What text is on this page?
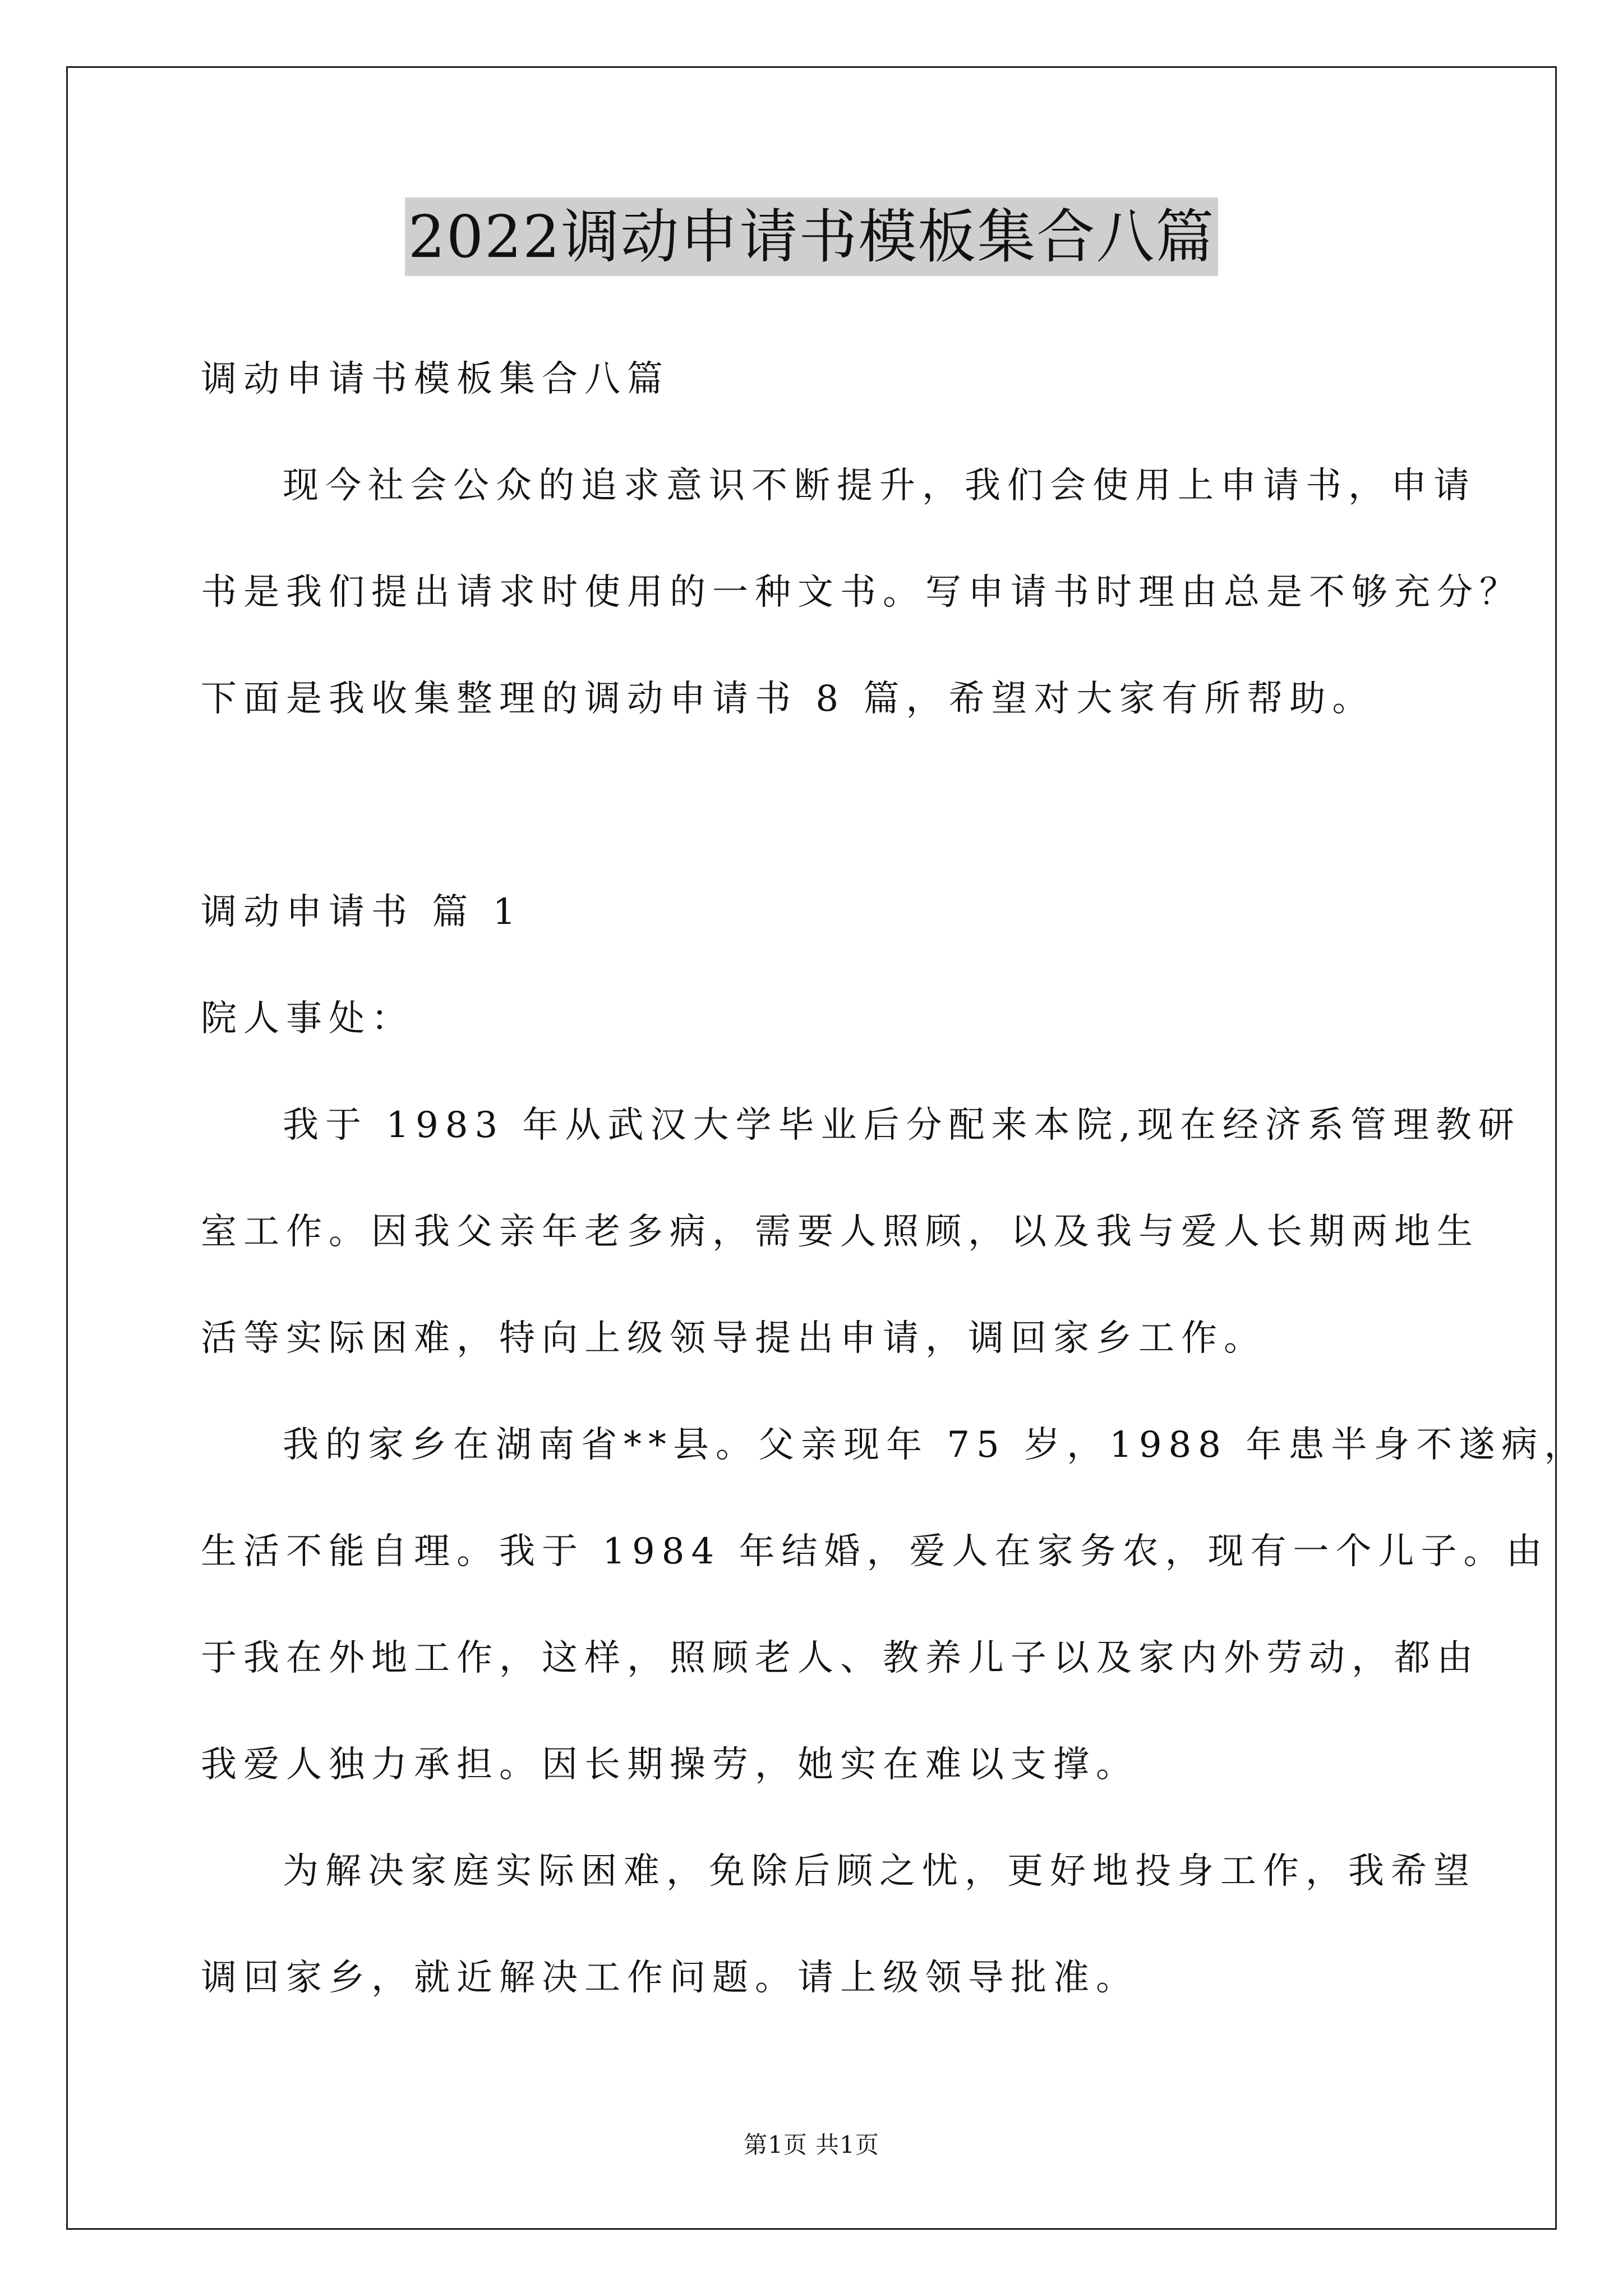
2022调动申请书模板集合八篇
调动申请书模板集合八篇
现今社会公众的追求意识不断提升，我们会使用上申请书，申请
书是我们提出请求时使用的一种文书。写申请书时理由总是不够充分？
下面是我收集整理的调动申请书 8 篇，希望对大家有所帮助。
调动申请书 篇 1
院人事处：
我于 1983 年从武汉大学毕业后分配来本院,现在经济系管理教研
室工作。因我父亲年老多病，需要人照顾，以及我与爱人长期两地生
活等实际困难，特向上级领导提出申请，调回家乡工作。
我的家乡在湖南省**县。父亲现年 75 岁，1988 年患半身不遂病，
生活不能自理。我于 1984 年结婚，爱人在家务农，现有一个儿子。由
于我在外地工作，这样，照顾老人、教养儿子以及家内外劳动，都由
我爱人独力承担。因长期操劳，她实在难以支撑。
为解决家庭实际困难，免除后顾之忧，更好地投身工作，我希望
调回家乡，就近解决工作问题。请上级领导批准。
第1页 共1页
